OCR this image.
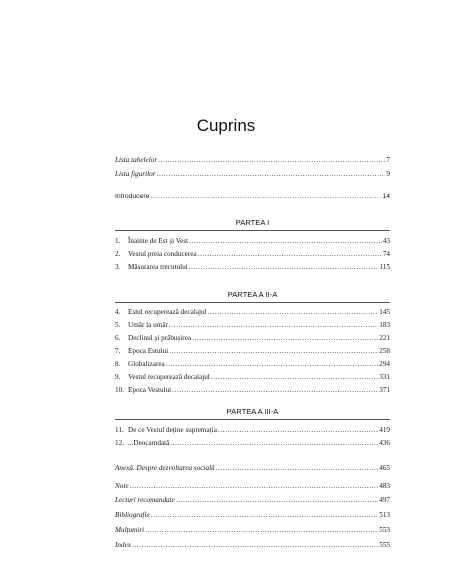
Cuprins
Lista tabelelor .....	7
Lista figurilor .....	9
Introducere .....	14
PARTEA I
1.	Înainte de Est și Vest .....	43
2.	Vestul preia conducerea .....	74
3.	Măsurarea trecutului .....	115
PARTEA A II-A
4.	Estul recuperează decalajul .....	145
5.	Umăr la umăr .....	183
6.	Declinul și prăbușirea .....	221
7.	Epoca Estului .....	258
8.	Globalizarea .....	294
9.	Vestul recuperează decalajul .....	331
10. Epoca Vestului .....	371
PARTEA A III-A
11. De ce Vestul deține supremația .....	419
12. ...Deocamdată .....	436
Anexă. Despre dezvoltarea socială .....	465
Note .....	483
Lecturi recomandate .....	497
Bibliografie .....	513
Mulțumiri .....	553
Index .....	555
